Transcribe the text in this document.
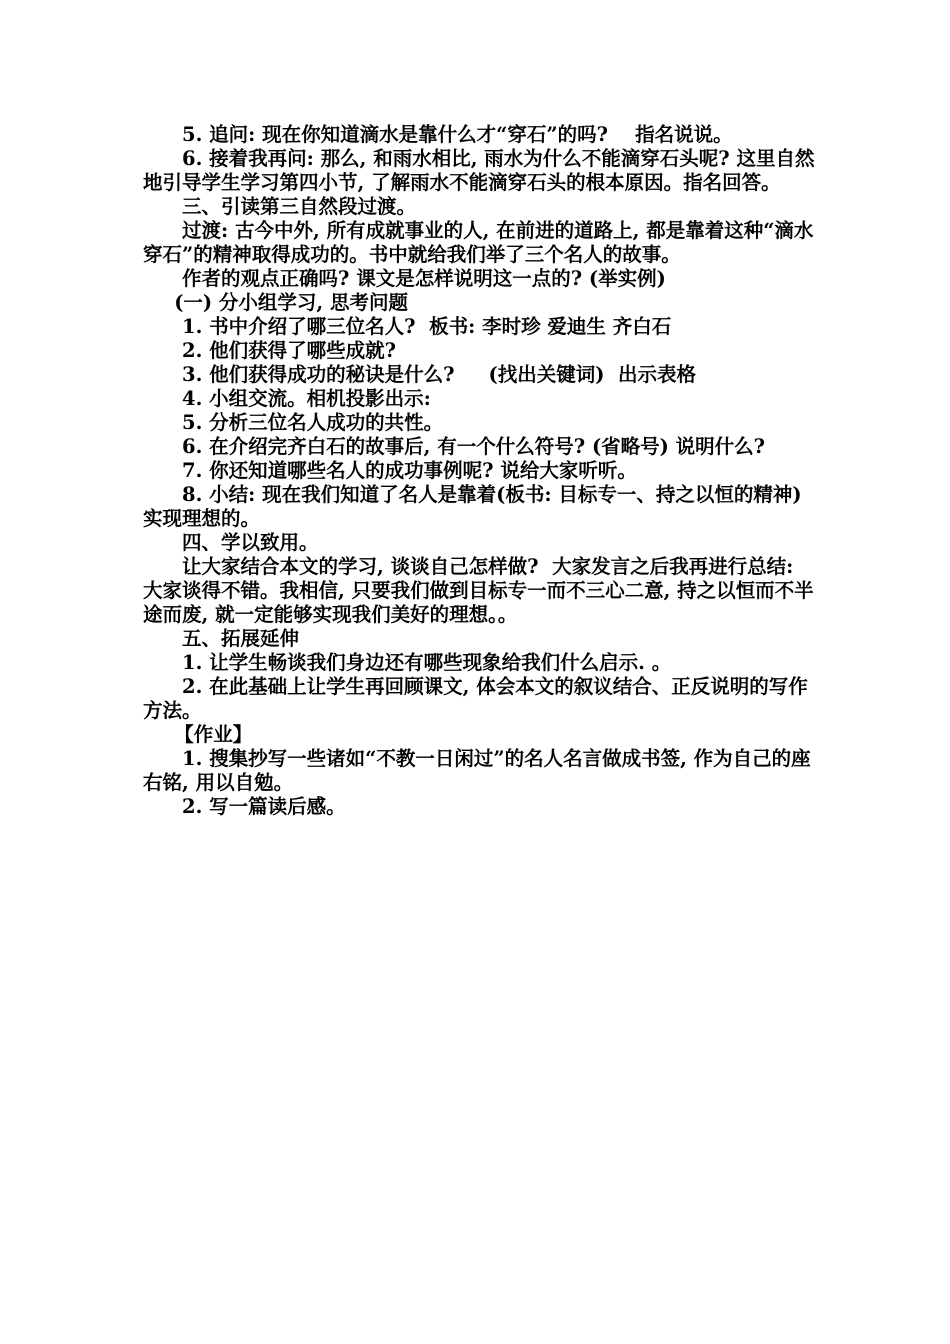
5. 追问: 现在你知道滴水是靠什么才“穿石”的吗?    指名说说。

6. 接着我再问: 那么, 和雨水相比, 雨水为什么不能滴穿石头呢? 这里自然地引导学生学习第四小节, 了解雨水不能滴穿石头的根本原因。指名回答。

三、引读第三自然段过渡。

过渡: 古今中外, 所有成就事业的人, 在前进的道路上, 都是靠着这种“滴水穿石”的精神取得成功的。书中就给我们举了三个名人的故事。

作者的观点正确吗? 课文是怎样说明这一点的? (举实例)

(一) 分小组学习, 思考问题

1. 书中介绍了哪三位名人?  板书: 李时珍 爱迪生 齐白石

2. 他们获得了哪些成就?

3. 他们获得成功的秘诀是什么?     (找出关键词)  出示表格

4. 小组交流。相机投影出示:

5. 分析三位名人成功的共性。

6. 在介绍完齐白石的故事后, 有一个什么符号? (省略号) 说明什么?

7. 你还知道哪些名人的成功事例呢? 说给大家听听。

8. 小结: 现在我们知道了名人是靠着(板书: 目标专一、持之以恒的精神) 实现理想的。

四、学以致用。

让大家结合本文的学习, 谈谈自己怎样做?  大家发言之后我再进行总结: 大家谈得不错。我相信, 只要我们做到目标专一而不三心二意, 持之以恒而不半途而废, 就一定能够实现我们美好的理想。。

五、拓展延伸

1. 让学生畅谈我们身边还有哪些现象给我们什么启示. 。

2. 在此基础上让学生再回顾课文, 体会本文的叙议结合、正反说明的写作方法。

【作业】

1. 搜集抄写一些诸如“不教一日闲过”的名人名言做成书签, 作为自己的座右铭, 用以自勉。

2. 写一篇读后感。
